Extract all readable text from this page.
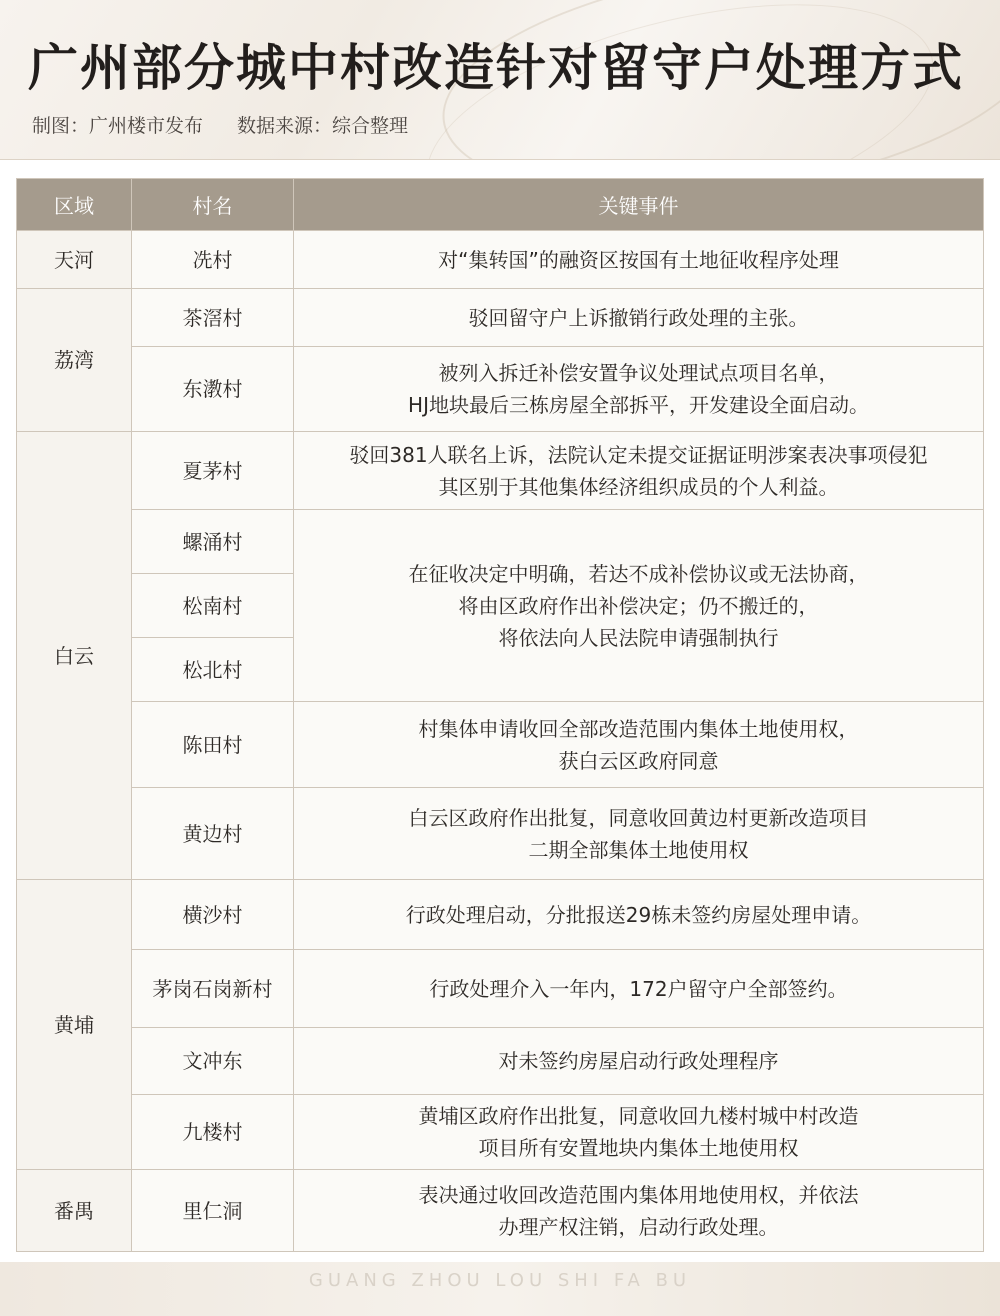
广州部分城中村改造针对留守户处理方式
制图：广州楼市发布 数据来源：综合整理
区域	村名	关键事件
天河	冼村	对“集转国”的融资区按国有土地征收程序处理

荔湾	茶滘村	驳回留守户上诉撤销行政处理的主张。

	东漖村	被列入拆迁补偿安置争议处理试点项目名单，
HJ地块最后三栋房屋全部拆平，开发建设全面启动。

白云	夏茅村	驳回381人联名上诉，法院认定未提交证据证明涉案表决事项侵犯
其区别于其他集体经济组织成员的个人利益。

	螺涌村	在征收决定中明确，若达不成补偿协议或无法协商，
将由区政府作出补偿决定；仍不搬迁的，
将依法向人民法院申请强制执行

	松南村	
	松北村	
	陈田村	村集体申请收回全部改造范围内集体土地使用权，
获白云区政府同意

	黄边村	白云区政府作出批复，同意收回黄边村更新改造项目
二期全部集体土地使用权

黄埔	横沙村	行政处理启动，分批报送29栋未签约房屋处理申请。

	茅岗石岗新村	行政处理介入一年内，172户留守户全部签约。

	文冲东	对未签约房屋启动行政处理程序

	九楼村	黄埔区政府作出批复，同意收回九楼村城中村改造
项目所有安置地块内集体土地使用权

番禺	里仁洞	表决通过收回改造范围内集体用地使用权，并依法
办理产权注销，启动行政处理。
GUANG ZHOU LOU SHI FA BU
